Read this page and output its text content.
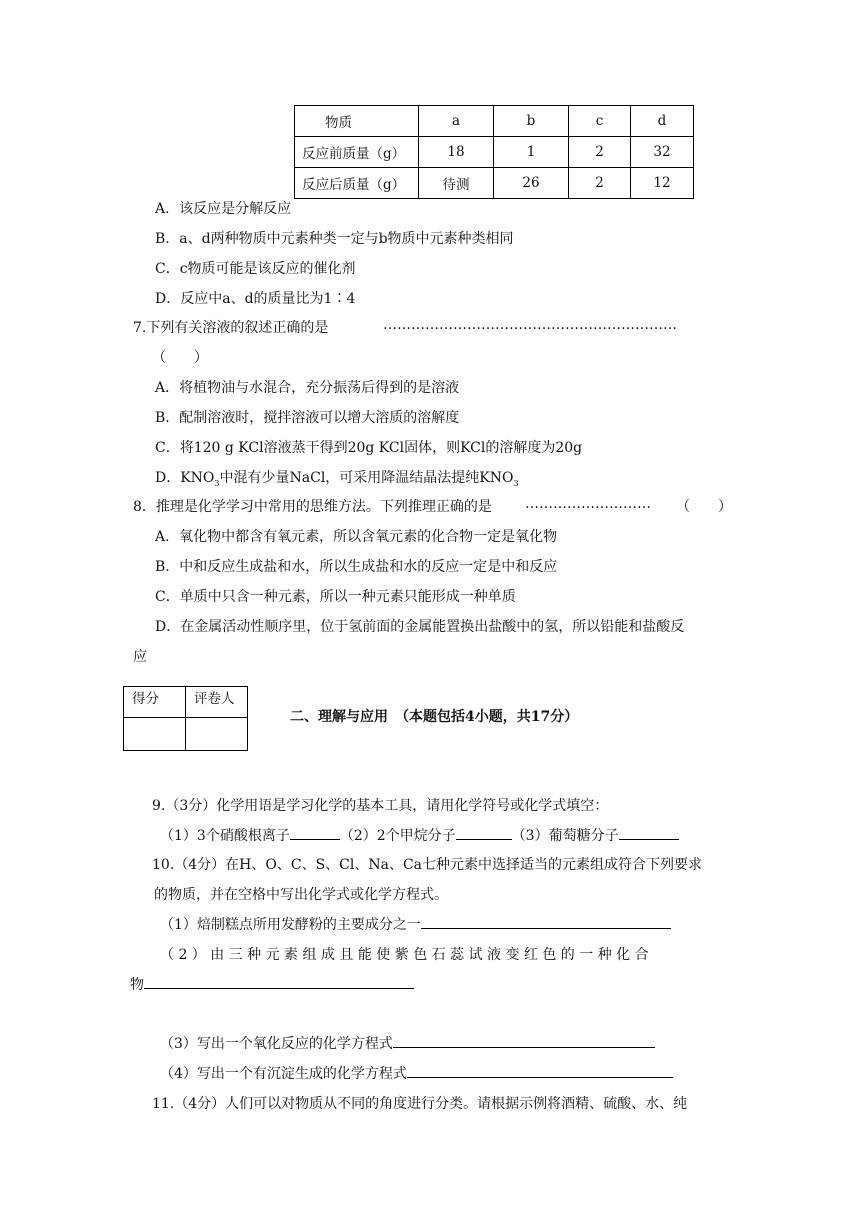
物质	a	b	c	d
反应前质量（g）	18	1	2	32
反应后质量（g）	待测	26	2	12
A．该反应是分解反应
B．a、d两种物质中元素种类一定与b物质中元素种类相同
C．c物质可能是该反应的催化剂
D．反应中a、d的质量比为1∶4
7.下列有关溶液的叙述正确的是	………………………………………………………
（　　）
A．将植物油与水混合，充分振荡后得到的是溶液
B．配制溶液时，搅拌溶液可以增大溶质的溶解度
C．将120 g KCl溶液蒸干得到20g KCl固体，则KCl的溶解度为20g
D．$KNO_3$中混有少量NaCl，可采用降温结晶法提纯$KNO_3$
8．推理是化学学习中常用的思维方法。下列推理正确的是 ……………………… （　　）
A．氧化物中都含有氧元素，所以含氧元素的化合物一定是氧化物
B．中和反应生成盐和水，所以生成盐和水的反应一定是中和反应
C．单质中只含一种元素，所以一种元素只能形成一种单质
D．在金属活动性顺序里，位于氢前面的金属能置换出盐酸中的氢，所以铅能和盐酸反
应
得分	评卷人

二、理解与应用　（本题包括4小题，共17分）
9.（3分）化学用语是学习化学的基本工具，请用化学符号或化学式填空：
（1）3个硝酸根离子	（2）2个甲烷分子	（3）葡萄糖分子
10.（4分）在H、O、C、S、Cl、Na、Ca七种元素中选择适当的元素组成符合下列要求
的物质，并在空格中写出化学式或化学方程式。
（1）焙制糕点所用发酵粉的主要成分之一
（ 2 ） 由 三 种 元 素 组 成 且 能 使 紫 色 石 蕊 试 液 变 红 色 的 一 种 化 合
物
（3）写出一个氧化反应的化学方程式
（4）写出一个有沉淀生成的化学方程式
11.（4分）人们可以对物质从不同的角度进行分类。请根据示例将酒精、硫酸、水、纯
